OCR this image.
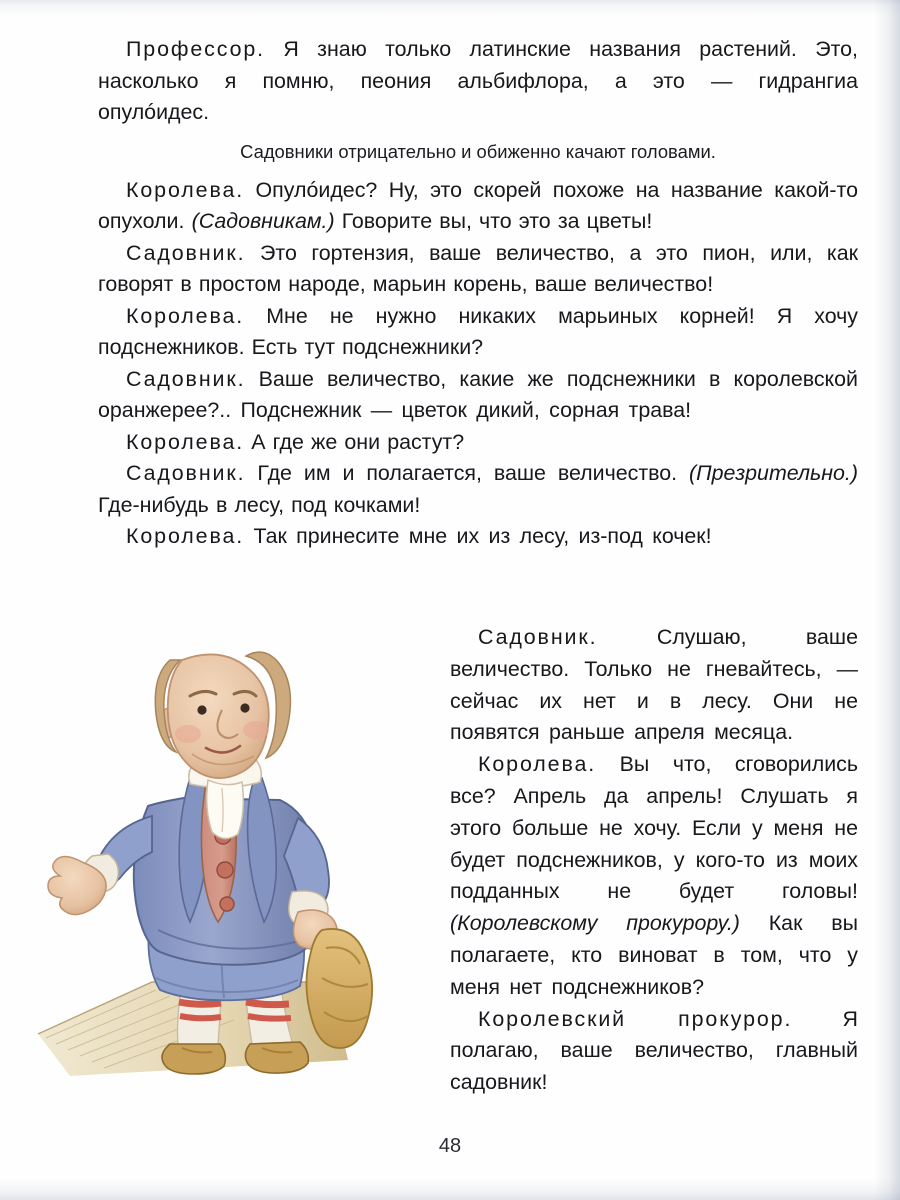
Профессор. Я знаю только латинские названия растений. Это, насколько я помню, пеония альбифлора, а это — гидрангиа опулóидес.

Садовники отрицательно и обиженно качают головами.

Королева. Опулóидес? Ну, это скорей похоже на название какой-то опухоли. (Садовникам.) Говорите вы, что это за цветы!

Садовник. Это гортензия, ваше величество, а это пион, или, как говорят в простом народе, марьин корень, ваше величество!

Королева. Мне не нужно никаких марьиных корней! Я хочу подснежников. Есть тут подснежники?

Садовник. Ваше величество, какие же подснежники в королевской оранжерее?.. Подснежник — цветок дикий, сорная трава!

Королева. А где же они растут?

Садовник. Где им и полагается, ваше величество. (Презрительно.) Где-нибудь в лесу, под кочками!

Королева. Так принесите мне их из лесу, из-под кочек!

Садовник. Слушаю, ваше величество. Только не гневайтесь, — сейчас их нет и в лесу. Они не появятся раньше апреля месяца.

Королева. Вы что, сговорились все? Апрель да апрель! Слушать я этого больше не хочу. Если у меня не будет подснежников, у кого-то из моих подданных не будет головы! (Королевскому прокурору.) Как вы полагаете, кто виноват в том, что у меня нет подснежников?

Королевский прокурор. Я полагаю, ваше величество, главный садовник!

48
